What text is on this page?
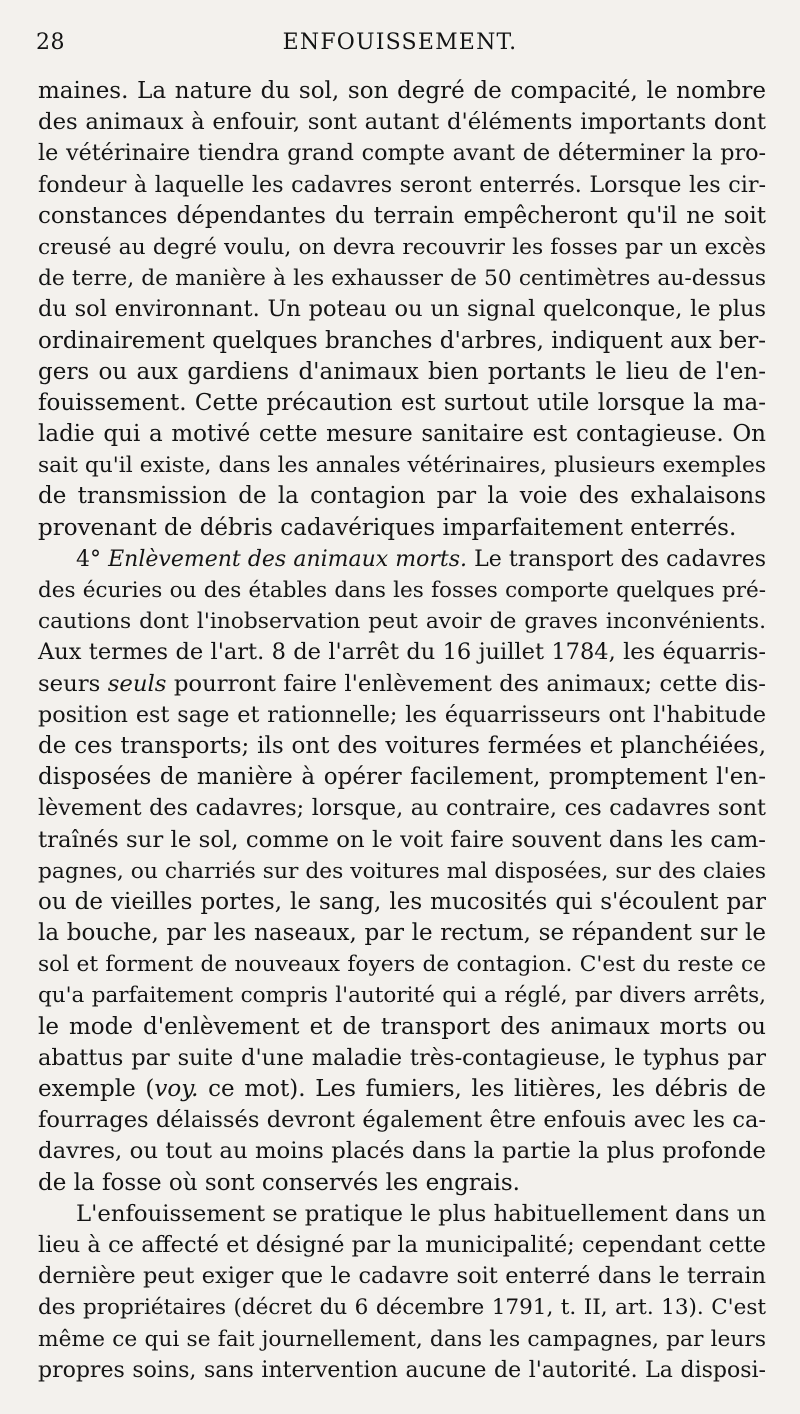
28	ENFOUISSEMENT.
maines. La nature du sol, son degré de compacité, le nombre
des animaux à enfouir, sont autant d'éléments importants dont
le vétérinaire tiendra grand compte avant de déterminer la pro-
fondeur à laquelle les cadavres seront enterrés. Lorsque les cir-
constances dépendantes du terrain empêcheront qu'il ne soit
creusé au degré voulu, on devra recouvrir les fosses par un excès
de terre, de manière à les exhausser de 50 centimètres au-dessus
du sol environnant. Un poteau ou un signal quelconque, le plus
ordinairement quelques branches d'arbres, indiquent aux ber-
gers ou aux gardiens d'animaux bien portants le lieu de l'en-
fouissement. Cette précaution est surtout utile lorsque la ma-
ladie qui a motivé cette mesure sanitaire est contagieuse. On
sait qu'il existe, dans les annales vétérinaires, plusieurs exemples
de transmission de la contagion par la voie des exhalaisons
provenant de débris cadavériques imparfaitement enterrés.
4° Enlèvement des animaux morts. Le transport des cadavres
des écuries ou des étables dans les fosses comporte quelques pré-
cautions dont l'inobservation peut avoir de graves inconvénients.
Aux termes de l'art. 8 de l'arrêt du 16 juillet 1784, les équarris-
seurs seuls pourront faire l'enlèvement des animaux; cette dis-
position est sage et rationnelle; les équarrisseurs ont l'habitude
de ces transports; ils ont des voitures fermées et planchéiées,
disposées de manière à opérer facilement, promptement l'en-
lèvement des cadavres; lorsque, au contraire, ces cadavres sont
traînés sur le sol, comme on le voit faire souvent dans les cam-
pagnes, ou charriés sur des voitures mal disposées, sur des claies
ou de vieilles portes, le sang, les mucosités qui s'écoulent par
la bouche, par les naseaux, par le rectum, se répandent sur le
sol et forment de nouveaux foyers de contagion. C'est du reste ce
qu'a parfaitement compris l'autorité qui a réglé, par divers arrêts,
le mode d'enlèvement et de transport des animaux morts ou
abattus par suite d'une maladie très-contagieuse, le typhus par
exemple (voy. ce mot). Les fumiers, les litières, les débris de
fourrages délaissés devront également être enfouis avec les ca-
davres, ou tout au moins placés dans la partie la plus profonde
de la fosse où sont conservés les engrais.
L'enfouissement se pratique le plus habituellement dans un
lieu à ce affecté et désigné par la municipalité; cependant cette
dernière peut exiger que le cadavre soit enterré dans le terrain
des propriétaires (décret du 6 décembre 1791, t. II, art. 13). C'est
même ce qui se fait journellement, dans les campagnes, par leurs
propres soins, sans intervention aucune de l'autorité. La disposi-
